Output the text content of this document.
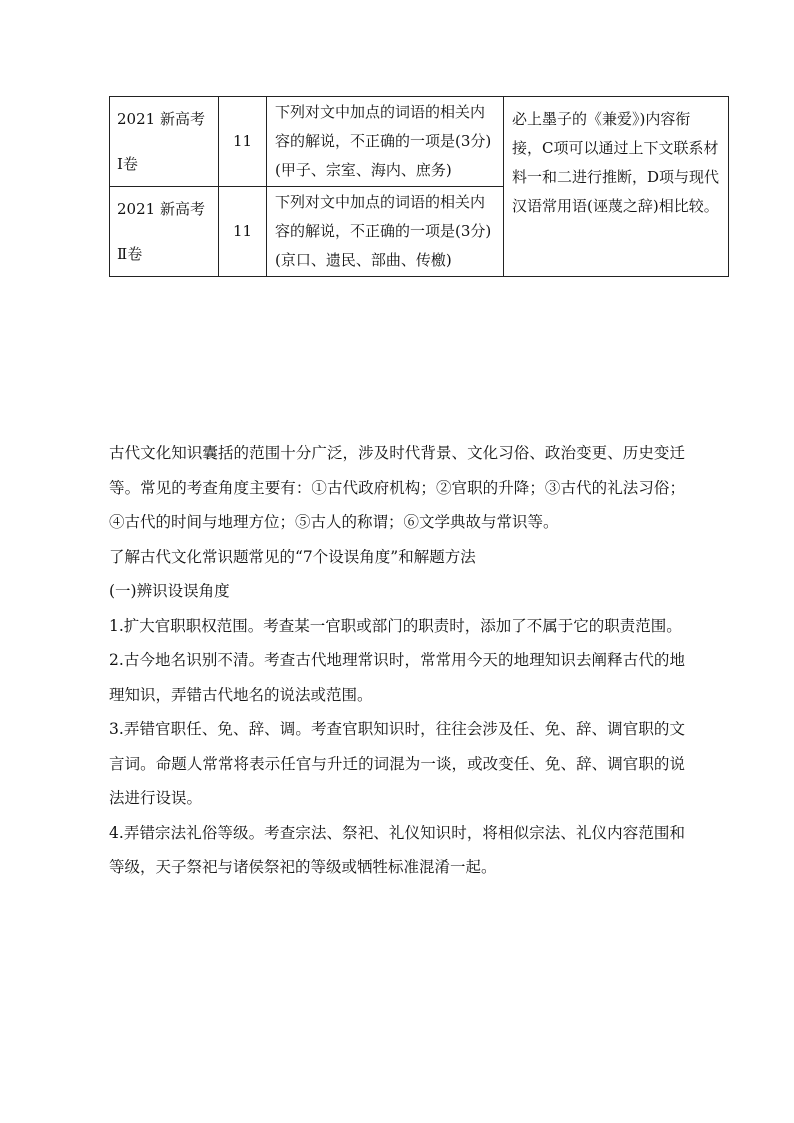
2021 新高考
Ⅰ卷	11	下列对文中加点的词语的相关内容的解说，不正确的一项是(3分)(甲子、宗室、海内、庶务)	必上墨子的《兼爱》)内容衔接，C项可以通过上下文联系材料一和二进行推断，D项与现代汉语常用语(诬蔑之辞)相比较。

2021 新高考
Ⅱ卷	11	下列对文中加点的词语的相关内容的解说，不正确的一项是(3分)(京口、遗民、部曲、传檄)	

古代文化知识囊括的范围十分广泛，涉及时代背景、文化习俗、政治变更、历史变迁等。常见的考查角度主要有：①古代政府机构；②官职的升降；③古代的礼法习俗；④古代的时间与地理方位；⑤古人的称谓；⑥文学典故与常识等。

了解古代文化常识题常见的“7个设误角度”和解题方法

(一)辨识设误角度

1.扩大官职职权范围。考查某一官职或部门的职责时，添加了不属于它的职责范围。

2.古今地名识别不清。考查古代地理常识时，常常用今天的地理知识去阐释古代的地理知识，弄错古代地名的说法或范围。

3.弄错官职任、免、辞、调。考查官职知识时，往往会涉及任、免、辞、调官职的文言词。命题人常常将表示任官与升迁的词混为一谈，或改变任、免、辞、调官职的说法进行设误。

4.弄错宗法礼俗等级。考查宗法、祭祀、礼仪知识时，将相似宗法、礼仪内容范围和等级，天子祭祀与诸侯祭祀的等级或牺牲标准混淆一起。
